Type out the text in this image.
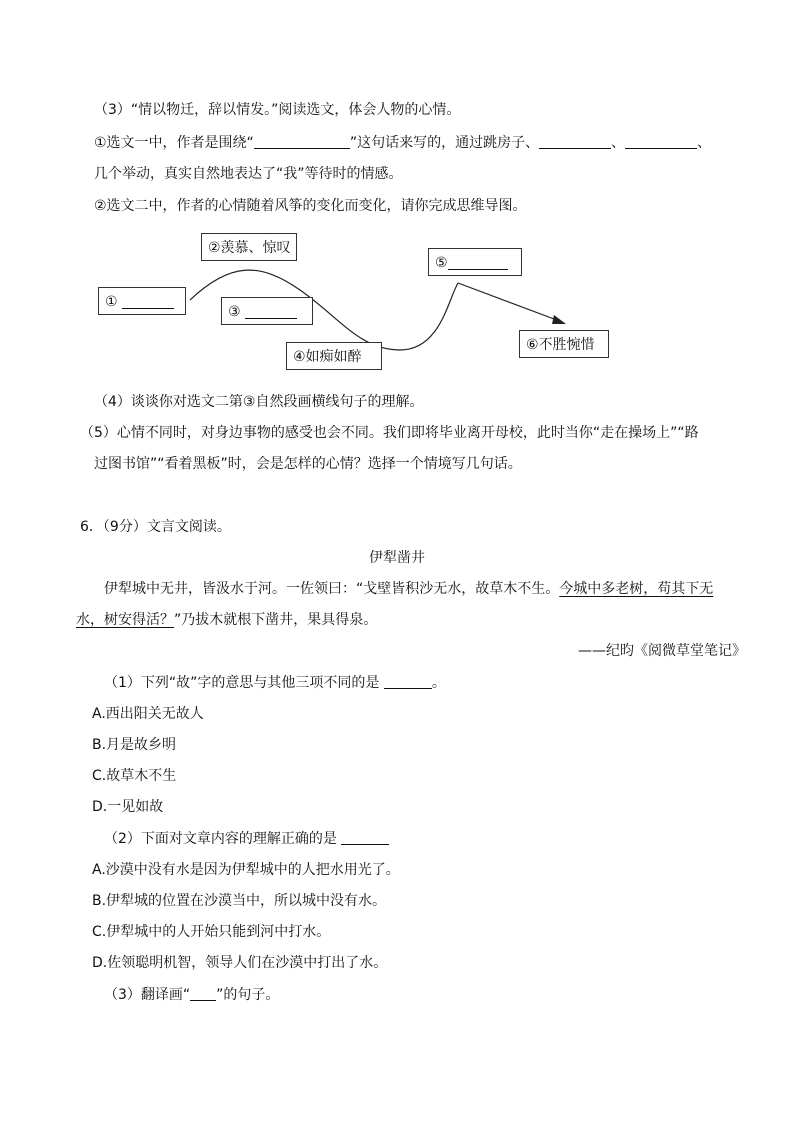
（3）“情以物迁，辞以情发。”阅读选文，体会人物的心情。
①选文一中，作者是围绕“	”这句话来写的，通过跳房子、	、	、
几个举动，真实自然地表达了“我”等待时的情感。
②选文二中，作者的心情随着风筝的变化而变化，请你完成思维导图。
①
②羡慕、惊叹
③
④如痴如醉
⑤
⑥不胜惋惜
（4）谈谈你对选文二第③自然段画横线句子的理解。
（5）心情不同时，对身边事物的感受也会不同。我们即将毕业离开母校，此时当你“走在操场上”“路
过图书馆”“看着黑板”时，会是怎样的心情？选择一个情境写几句话。
6．（9分）文言文阅读。
伊犁凿井
伊犁城中无井，皆汲水于河。一佐领曰：“戈壁皆积沙无水，故草木不生。今城中多老树，苟其下无
水，树安得活？”乃拔木就根下凿井，果具得泉。
——纪昀《阅微草堂笔记》
（1）下列“故”字的意思与其他三项不同的是	。
A.西出阳关无故人
B.月是故乡明
C.故草木不生
D.一见如故
（2）下面对文章内容的理解正确的是
A.沙漠中没有水是因为伊犁城中的人把水用光了。
B.伊犁城的位置在沙漠当中，所以城中没有水。
C.伊犁城中的人开始只能到河中打水。
D.佐领聪明机智，领导人们在沙漠中打出了水。
（3）翻译画“ ”的句子。
